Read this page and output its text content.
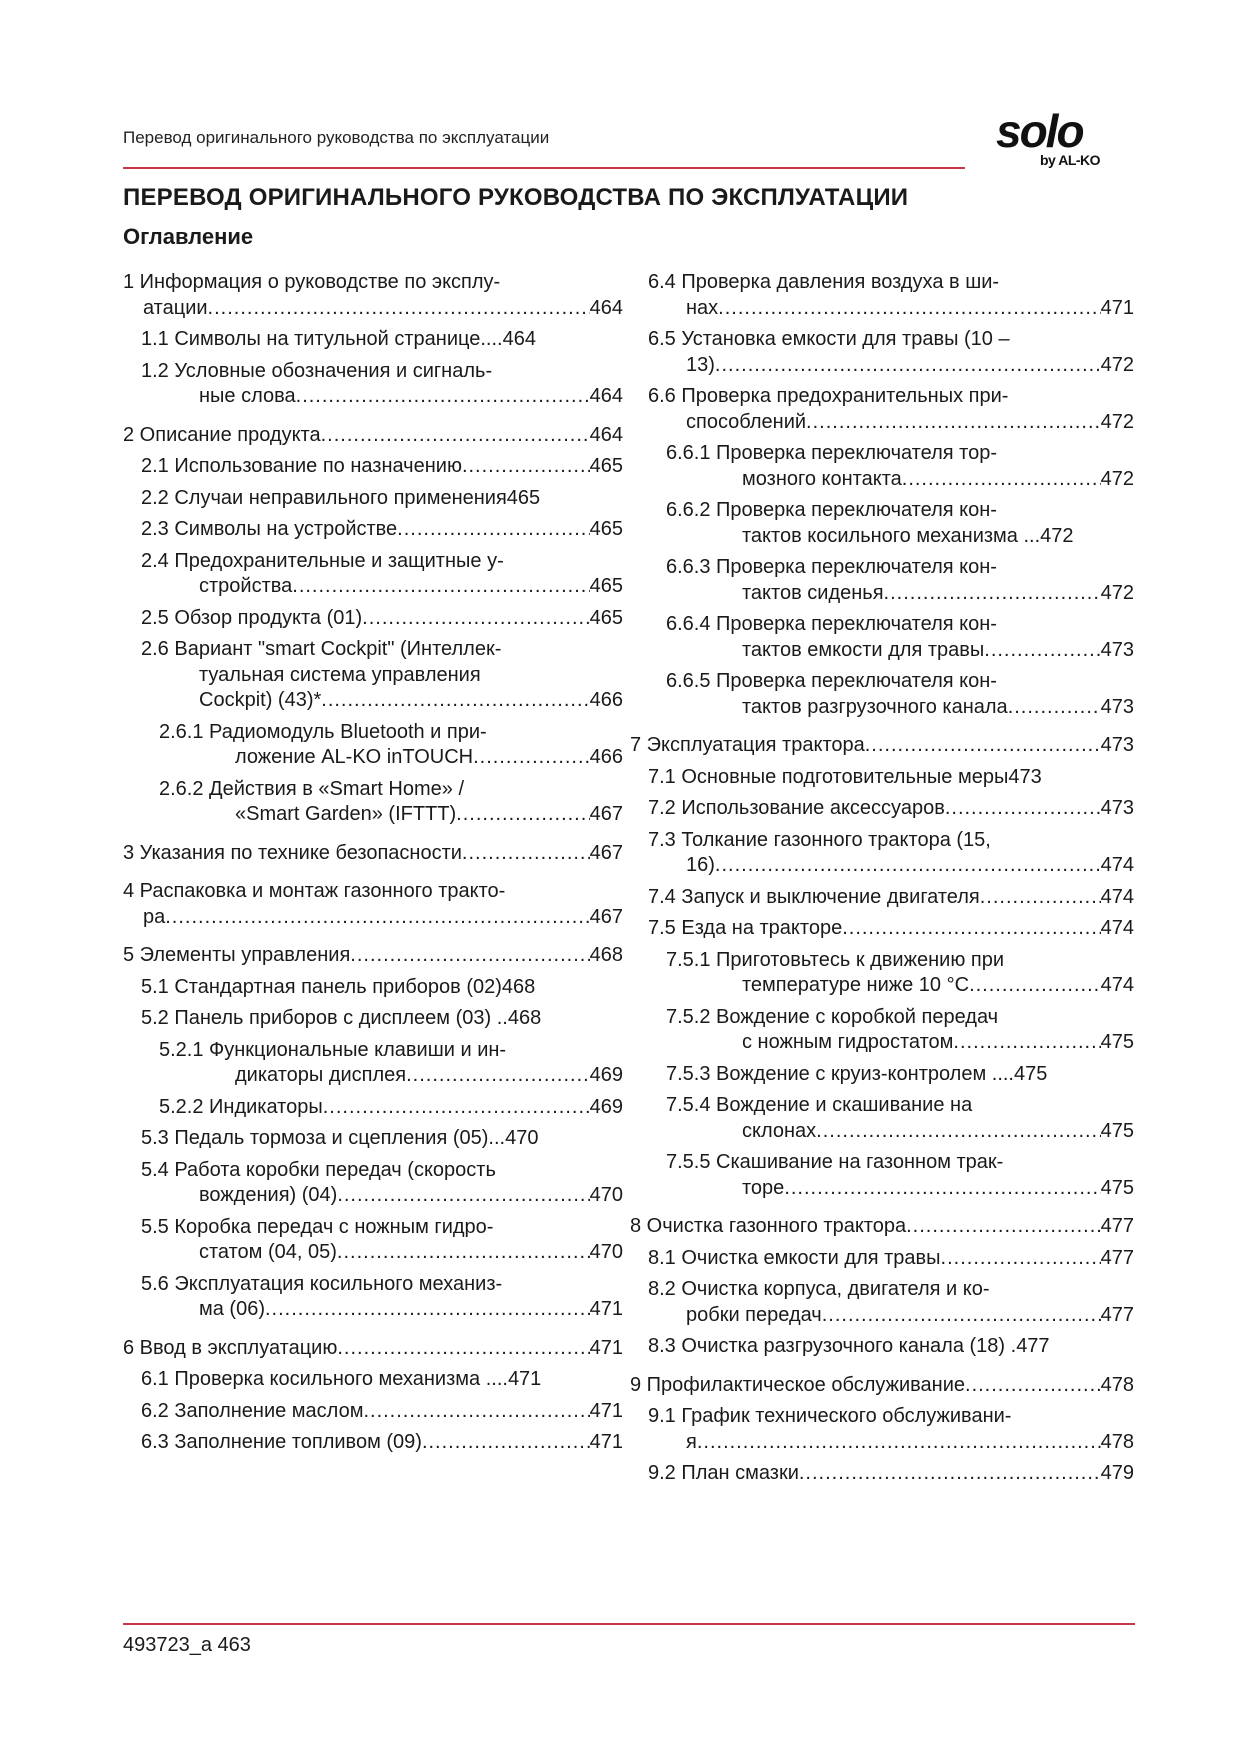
Перевод оригинального руководства по эксплуатации	solo
by AL-KO
ПЕРЕВОД ОРИГИНАЛЬНОГО РУКОВОДСТВА ПО ЭКСПЛУАТАЦИИ
Оглавление
1 Информация о руководстве по эксплу-
атации .....	464
1.1 Символы на титульной странице.... 464
1.2 Условные обозначения и сигналь-
ные слова .....	464
2 Описание продукта .....	464
2.1 Использование по назначению .....	465
2.2 Случаи неправильного применения 465
2.3 Символы на устройстве .....	465
2.4 Предохранительные и защитные у-
стройства .....	465
2.5 Обзор продукта (01) .....	465
2.6 Вариант "smart Cockpit" (Интеллек-
туальная система управления
Cockpit) (43)* .....	466
2.6.1 Радиомодуль Bluetooth и при-
ложение AL-KO inTOUCH .....	466
2.6.2 Действия в «Smart Home» /
«Smart Garden» (IFTTT) .....	467
3 Указания по технике безопасности .....	467
4 Распаковка и монтаж газонного тракто-
ра .....	467
5 Элементы управления .....	468
5.1 Стандартная панель приборов (02) 468
5.2 Панель приборов с дисплеем (03) .. 468
5.2.1 Функциональные клавиши и ин-
дикаторы дисплея .....	469
5.2.2 Индикаторы .....	469
5.3 Педаль тормоза и сцепления (05)... 470
5.4 Работа коробки передач (скорость
вождения) (04) .....	470
5.5 Коробка передач с ножным гидро-
статом (04, 05) .....	470
5.6 Эксплуатация косильного механиз-
ма (06) .....	471
6 Ввод в эксплуатацию .....	471
6.1 Проверка косильного механизма .... 471
6.2 Заполнение маслом .....	471
6.3 Заполнение топливом (09) .....	471
6.4 Проверка давления воздуха в ши-
нах .....	471
6.5 Установка емкости для травы (10 –
13) .....	472
6.6 Проверка предохранительных при-
способлений .....	472
6.6.1 Проверка переключателя тор-
мозного контакта .....	472
6.6.2 Проверка переключателя кон-
тактов косильного механизма ... 472
6.6.3 Проверка переключателя кон-
тактов сиденья .....	472
6.6.4 Проверка переключателя кон-
тактов емкости для травы .....	473
6.6.5 Проверка переключателя кон-
тактов разгрузочного канала .....	473
7 Эксплуатация трактора .....	473
7.1 Основные подготовительные меры 473
7.2 Использование аксессуаров .....	473
7.3 Толкание газонного трактора (15,
16) .....	474
7.4 Запуск и выключение двигателя .....	474
7.5 Езда на тракторе .....	474
7.5.1 Приготовьтесь к движению при
температуре ниже 10 °C .....	474
7.5.2 Вождение с коробкой передач
с ножным гидростатом .....	475
7.5.3 Вождение с круиз-контролем .... 475
7.5.4 Вождение и скашивание на
склонах .....	475
7.5.5 Скашивание на газонном трак-
торе .....	475
8 Очистка газонного трактора .....	477
8.1 Очистка емкости для травы .....	477
8.2 Очистка корпуса, двигателя и ко-
робки передач .....	477
8.3 Очистка разгрузочного канала (18) . 477
9 Профилактическое обслуживание .....	478
9.1 График технического обслуживани-
я .....	478
9.2 План смазки .....	479
493723_a 463
